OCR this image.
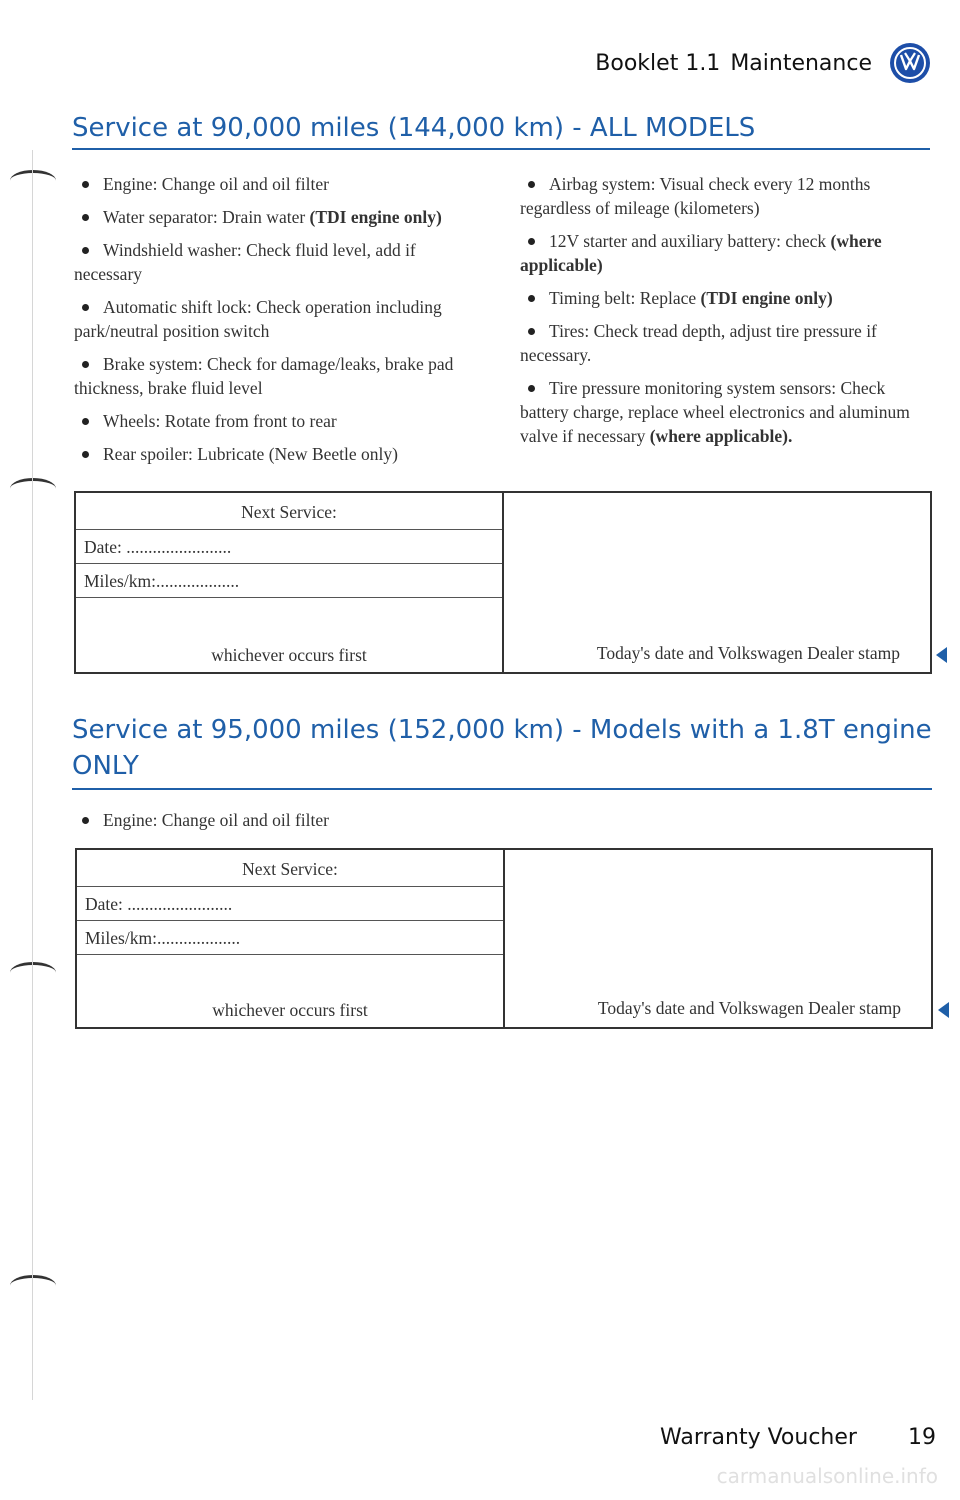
Booklet 1.1 Maintenance
Service at 90,000 miles (144,000 km) - ALL MODELS
Engine: Change oil and oil filter
Water separator: Drain water (TDI engine only)
Windshield washer: Check fluid level, add if necessary
Automatic shift lock: Check operation including park/neutral position switch
Brake system: Check for damage/leaks, brake pad thickness, brake fluid level
Wheels: Rotate from front to rear
Rear spoiler: Lubricate (New Beetle only)
Airbag system: Visual check every 12 months regardless of mileage (kilometers)
12V starter and auxiliary battery: check (where applicable)
Timing belt: Replace (TDI engine only)
Tires: Check tread depth, adjust tire pressure if necessary.
Tire pressure monitoring system sensors: Check battery charge, replace wheel electronics and aluminum valve if necessary (where applicable).
Next Service:
Date: ........................
Miles/km:...................
whichever occurs first	Today's date and Volkswagen Dealer stamp
Service at 95,000 miles (152,000 km) - Models with a 1.8T engine ONLY
Engine: Change oil and oil filter
Next Service:
Date: ........................
Miles/km:...................
whichever occurs first	Today's date and Volkswagen Dealer stamp
Warranty Voucher 19
carmanualsonline.info
